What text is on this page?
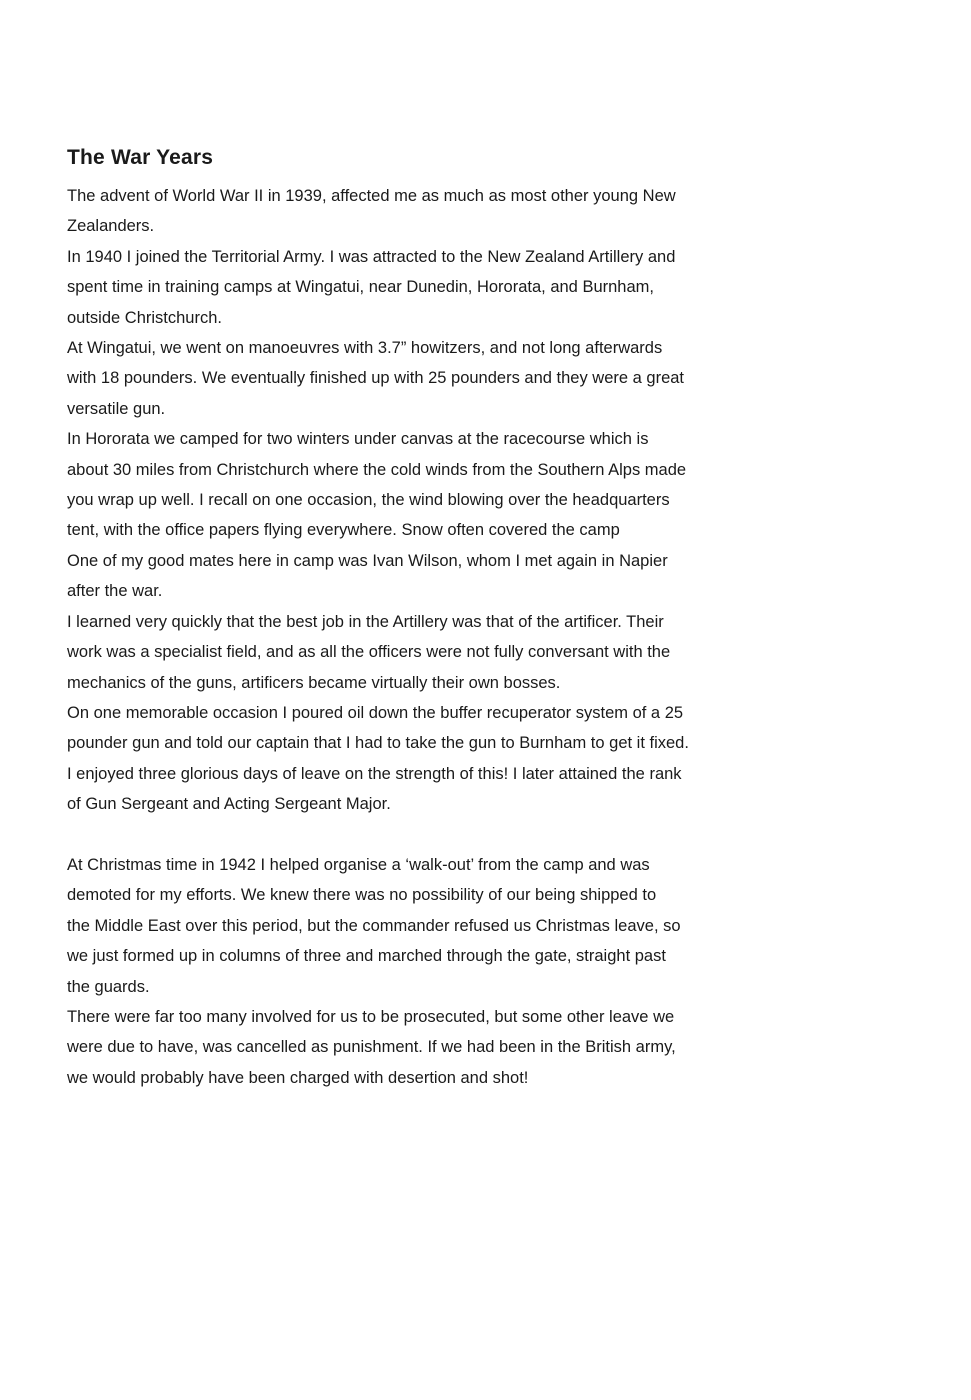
The War Years
The advent of World War II in 1939, affected me as much as most other young New
Zealanders.
In 1940 I joined the Territorial Army. I was attracted to the New Zealand Artillery and
spent time in training camps at Wingatui, near Dunedin, Hororata, and Burnham,
outside Christchurch.
At Wingatui, we went on manoeuvres with 3.7” howitzers, and not long afterwards
with 18 pounders. We eventually finished up with 25 pounders and they were a great
versatile gun.
In Hororata we camped for two winters under canvas at the racecourse which is
about 30 miles from Christchurch where the cold winds from the Southern Alps made
you wrap up well. I recall on one occasion, the wind blowing over the headquarters
tent, with the office papers flying everywhere. Snow often covered the camp
One of my good mates here in camp was Ivan Wilson, whom I met again in Napier
after the war.
I learned very quickly that the best job in the Artillery was that of the artificer. Their
work was a specialist field, and as all the officers were not fully conversant with the
mechanics of the guns, artificers became virtually their own bosses.
On one memorable occasion I poured oil down the buffer recuperator system of a 25
pounder gun and told our captain that I had to take the gun to Burnham to get it fixed.
I enjoyed three glorious days of leave on the strength of this! I later attained the rank
of Gun Sergeant and Acting Sergeant Major.
At Christmas time in 1942 I helped organise a ‘walk-out’ from the camp and was
demoted for my efforts. We knew there was no possibility of our being shipped to
the Middle East over this period, but the commander refused us Christmas leave, so
we just formed up in columns of three and marched through the gate, straight past
the guards.
There were far too many involved for us to be prosecuted, but some other leave we
were due to have, was cancelled as punishment. If we had been in the British army,
we would probably have been charged with desertion and shot!
